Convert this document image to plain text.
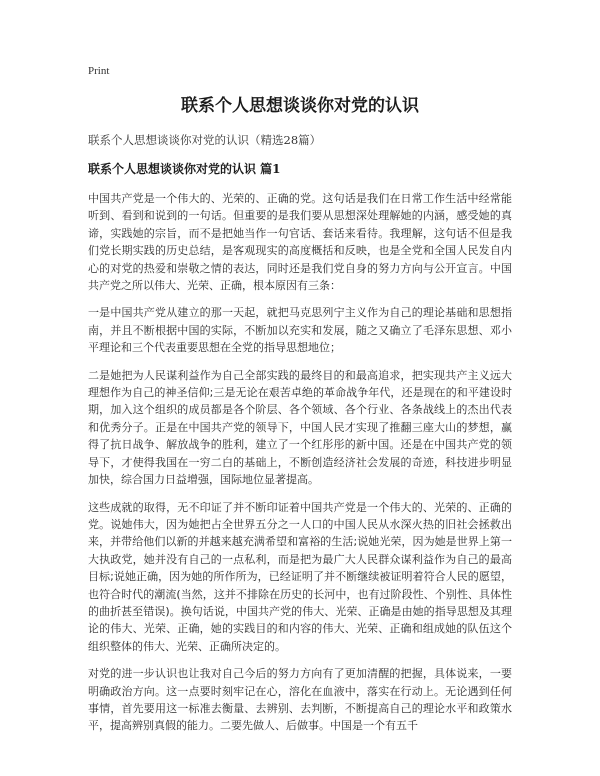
Print
联系个人思想谈谈你对党的认识
联系个人思想谈谈你对党的认识（精选28篇）
联系个人思想谈谈你对党的认识 篇1

中国共产党是一个伟大的、光荣的、正确的党。这句话是我们在日常工作生活中经常能听到、看到和说到的一句话。但重要的是我们要从思想深处理解她的内涵，感受她的真谛，实践她的宗旨，而不是把她当作一句官话、套话来看待。我理解，这句话不但是我们党长期实践的历史总结，是客观现实的高度概括和反映，也是全党和全国人民发自内心的对党的热爱和崇敬之情的表达，同时还是我们党自身的努力方向与公开宣言。中国共产党之所以伟大、光荣、正确，根本原因有三条：

一是中国共产党从建立的那一天起，就把马克思列宁主义作为自己的理论基础和思想指南，并且不断根据中国的实际，不断加以充实和发展，随之又确立了毛泽东思想、邓小平理论和三个代表重要思想在全党的指导思想地位；

二是她把为人民谋利益作为自己全部实践的最终目的和最高追求，把实现共产主义远大理想作为自己的神圣信仰;三是无论在艰苦卓绝的革命战争年代，还是现在的和平建设时期，加入这个组织的成员都是各个阶层、各个领域、各个行业、各条战线上的杰出代表和优秀分子。正是在中国共产党的领导下，中国人民才实现了推翻三座大山的梦想，赢得了抗日战争、解放战争的胜利，建立了一个红彤彤的新中国。还是在中国共产党的领导下，才使得我国在一穷二白的基础上，不断创造经济社会发展的奇迹，科技进步明显加快，综合国力日益增强，国际地位显著提高。

这些成就的取得，无不印证了并不断印证着中国共产党是一个伟大的、光荣的、正确的党。说她伟大，因为她把占全世界五分之一人口的中国人民从水深火热的旧社会拯救出来，并带给他们以新的并越来越充满希望和富裕的生活;说她光荣，因为她是世界上第一大执政党，她并没有自己的一点私利，而是把为最广大人民群众谋利益作为自己的最高目标;说她正确，因为她的所作所为，已经证明了并不断继续被证明着符合人民的愿望，也符合时代的潮流(当然，这并不排除在历史的长河中，也有过阶段性、个别性、具体性的曲折甚至错误)。换句话说，中国共产党的伟大、光荣、正确是由她的指导思想及其理论的伟大、光荣、正确，她的实践目的和内容的伟大、光荣、正确和组成她的队伍这个组织整体的伟大、光荣、正确所决定的。

对党的进一步认识也让我对自己今后的努力方向有了更加清醒的把握，具体说来，一要明确政治方向。这一点要时刻牢记在心，溶化在血液中，落实在行动上。无论遇到任何事情，首先要用这一标准去衡量、去辨别、去判断，不断提高自己的理论水平和政策水平，提高辨别真假的能力。二要先做人、后做事。中国是一个有五千
